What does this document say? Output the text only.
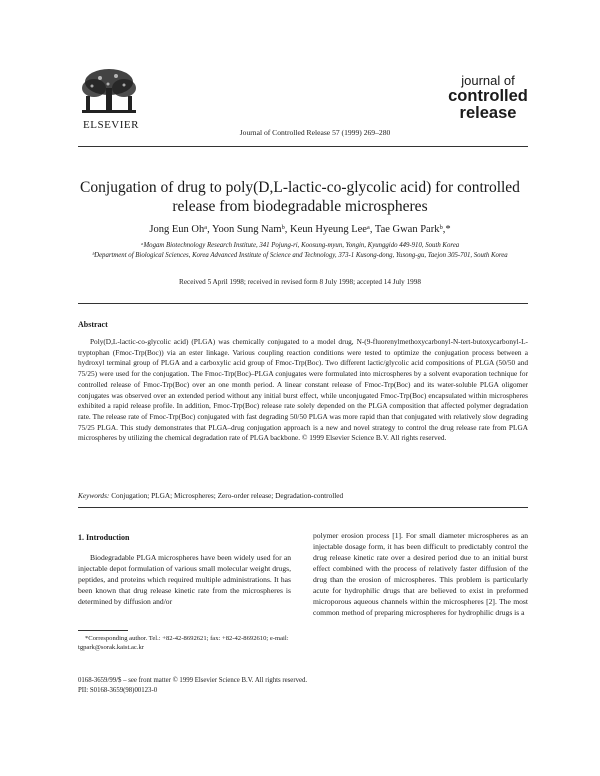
ELSEVIER
Journal of Controlled Release 57 (1999) 269–280
journal of
controlled
release
Conjugation of drug to poly(D,L-lactic-co-glycolic acid) for controlled release from biodegradable microspheres
Jong Eun Ohᵃ, Yoon Sung Namᵇ, Keun Hyeung Leeᵃ, Tae Gwan Parkᵇ,*
ᵃMogam Biotechnology Research Institute, 341 Pojung-ri, Koosung-myun, Yongin, Kyunggido 449-910, South Korea
ᵇDepartment of Biological Sciences, Korea Advanced Institute of Science and Technology, 373-1 Kusong-dong, Yusong-gu, Taejon 305-701, South Korea
Received 5 April 1998; received in revised form 8 July 1998; accepted 14 July 1998
Abstract
Poly(D,L-lactic-co-glycolic acid) (PLGA) was chemically conjugated to a model drug, N-(9-fluorenylmethoxycarbonyl-N-tert-butoxycarbonyl-L-tryptophan (Fmoc-Trp(Boc)) via an ester linkage. Various coupling reaction conditions were tested to optimize the conjugation process between a hydroxyl terminal group of PLGA and a carboxylic acid group of Fmoc-Trp(Boc). Two different lactic/glycolic acid compositions of PLGA (50/50 and 75/25) were used for the conjugation. The Fmoc-Trp(Boc)–PLGA conjugates were formulated into microspheres by a solvent evaporation technique for controlled release of Fmoc-Trp(Boc) over an one month period. A linear constant release of Fmoc-Trp(Boc) and its water-soluble PLGA oligomer conjugates was observed over an extended period without any initial burst effect, while unconjugated Fmoc-Trp(Boc) encapsulated within microspheres exhibited a rapid release profile. In addition, Fmoc-Trp(Boc) release rate solely depended on the PLGA composition that affected polymer degradation rate. The release rate of Fmoc-Trp(Boc) conjugated with fast degrading 50/50 PLGA was more rapid than that conjugated with relatively slow degrading 75/25 PLGA. This study demonstrates that PLGA–drug conjugation approach is a new and novel strategy to control the drug release rate from PLGA microspheres by utilizing the chemical degradation rate of PLGA backbone. © 1999 Elsevier Science B.V. All rights reserved.
Keywords: Conjugation; PLGA; Microspheres; Zero-order release; Degradation-controlled
1. Introduction
Biodegradable PLGA microspheres have been widely used for an injectable depot formulation of various small molecular weight drugs, peptides, and proteins which required multiple administrations. It has been known that drug release kinetic rate from the microspheres is determined by diffusion and/or
polymer erosion process [1]. For small diameter microspheres as an injectable dosage form, it has been difficult to predictably control the drug release kinetic rate over a desired period due to an initial burst effect combined with the process of relatively faster diffusion of the drug than the erosion of microspheres. This problem is particularly acute for hydrophilic drugs that are believed to exist in preformed microporous aqueous channels within the microspheres [2]. The most common method of preparing microspheres for hydrophilic drugs is a
*Corresponding author. Tel.: +82-42-8692621; fax: +82-42-8692610; e-mail: tgpark@sorak.kaist.ac.kr
0168-3659/99/$ – see front matter © 1999 Elsevier Science B.V. All rights reserved.
PII: S0168-3659(98)00123-0
